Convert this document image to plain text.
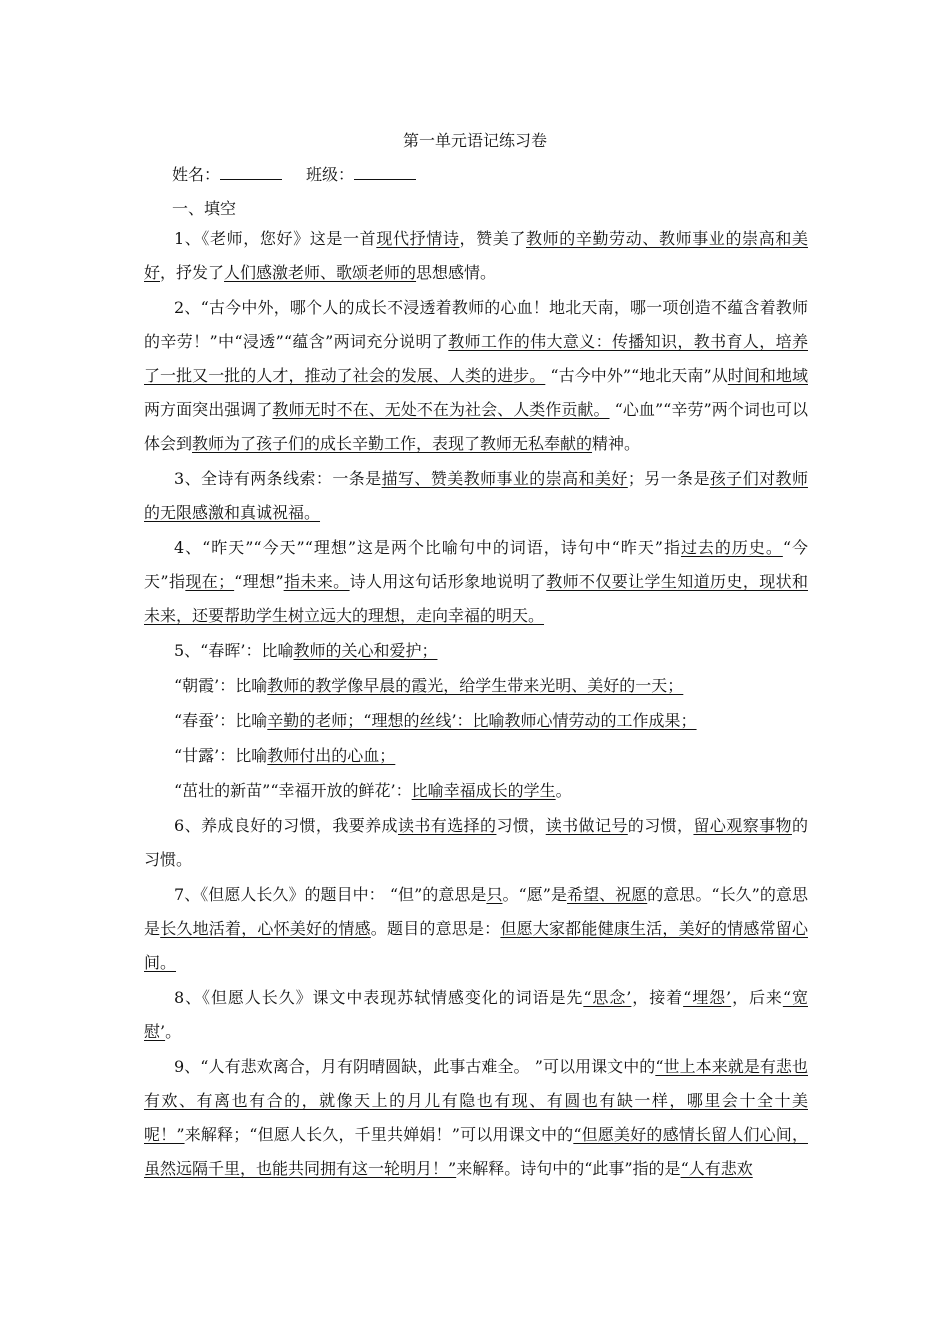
第一单元语记练习卷
姓名：	班级：
一、填空

1、《老师，您好》这是一首现代抒情诗，赞美了教师的辛勤劳动、教师事业的崇高和美好，抒发了人们感激老师、歌颂老师的思想感情。

2、“古今中外，哪个人的成长不浸透着教师的心血！地北天南，哪一项创造不蕴含着教师的辛劳！”中“浸透”“蕴含”两词充分说明了教师工作的伟大意义：传播知识，教书育人，培养了一批又一批的人才，推动了社会的发展、人类的进步。 “古今中外”“地北天南”从时间和地域两方面突出强调了教师无时不在、无处不在为社会、人类作贡献。 “心血”“辛劳”两个词也可以体会到教师为了孩子们的成长辛勤工作，表现了教师无私奉献的精神。

3、全诗有两条线索：一条是描写、赞美教师事业的崇高和美好；另一条是孩子们对教师的无限感激和真诚祝福。

4、“昨天”“今天”“理想”这是两个比喻句中的词语，诗句中“昨天”指过去的历史。“今天”指现在；“理想”指未来。诗人用这句话形象地说明了教师不仅要让学生知道历史，现状和未来，还要帮助学生树立远大的理想，走向幸福的明天。

5、“春晖’：比喻教师的关心和爱护；

“朝霞’：比喻教师的教学像早晨的霞光，给学生带来光明、美好的一天；

“春蚕’：比喻辛勤的老师；“理想的丝线’：比喻教师心情劳动的工作成果；

“甘露’：比喻教师付出的心血；

“茁壮的新苗”“幸福开放的鲜花’：比喻幸福成长的学生。

6、养成良好的习惯，我要养成读书有选择的习惯，读书做记号的习惯，留心观察事物的习惯。

7、《但愿人长久》的题目中： “但”的意思是只。“愿”是希望、祝愿的意思。“长久”的意思是长久地活着，心怀美好的情感。题目的意思是：但愿大家都能健康生活，美好的情感常留心间。

8、《但愿人长久》课文中表现苏轼情感变化的词语是先“思念’，接着“埋怨’，后来“宽慰’。

9、“人有悲欢离合，月有阴晴圆缺，此事古难全。 ”可以用课文中的“世上本来就是有悲也有欢、有离也有合的，就像天上的月儿有隐也有现、有圆也有缺一样，哪里会十全十美呢！”来解释；“但愿人长久，千里共婵娟！”可以用课文中的“但愿美好的感情长留人们心间，虽然远隔千里，也能共同拥有这一轮明月！”来解释。诗句中的“此事”指的是“人有悲欢
